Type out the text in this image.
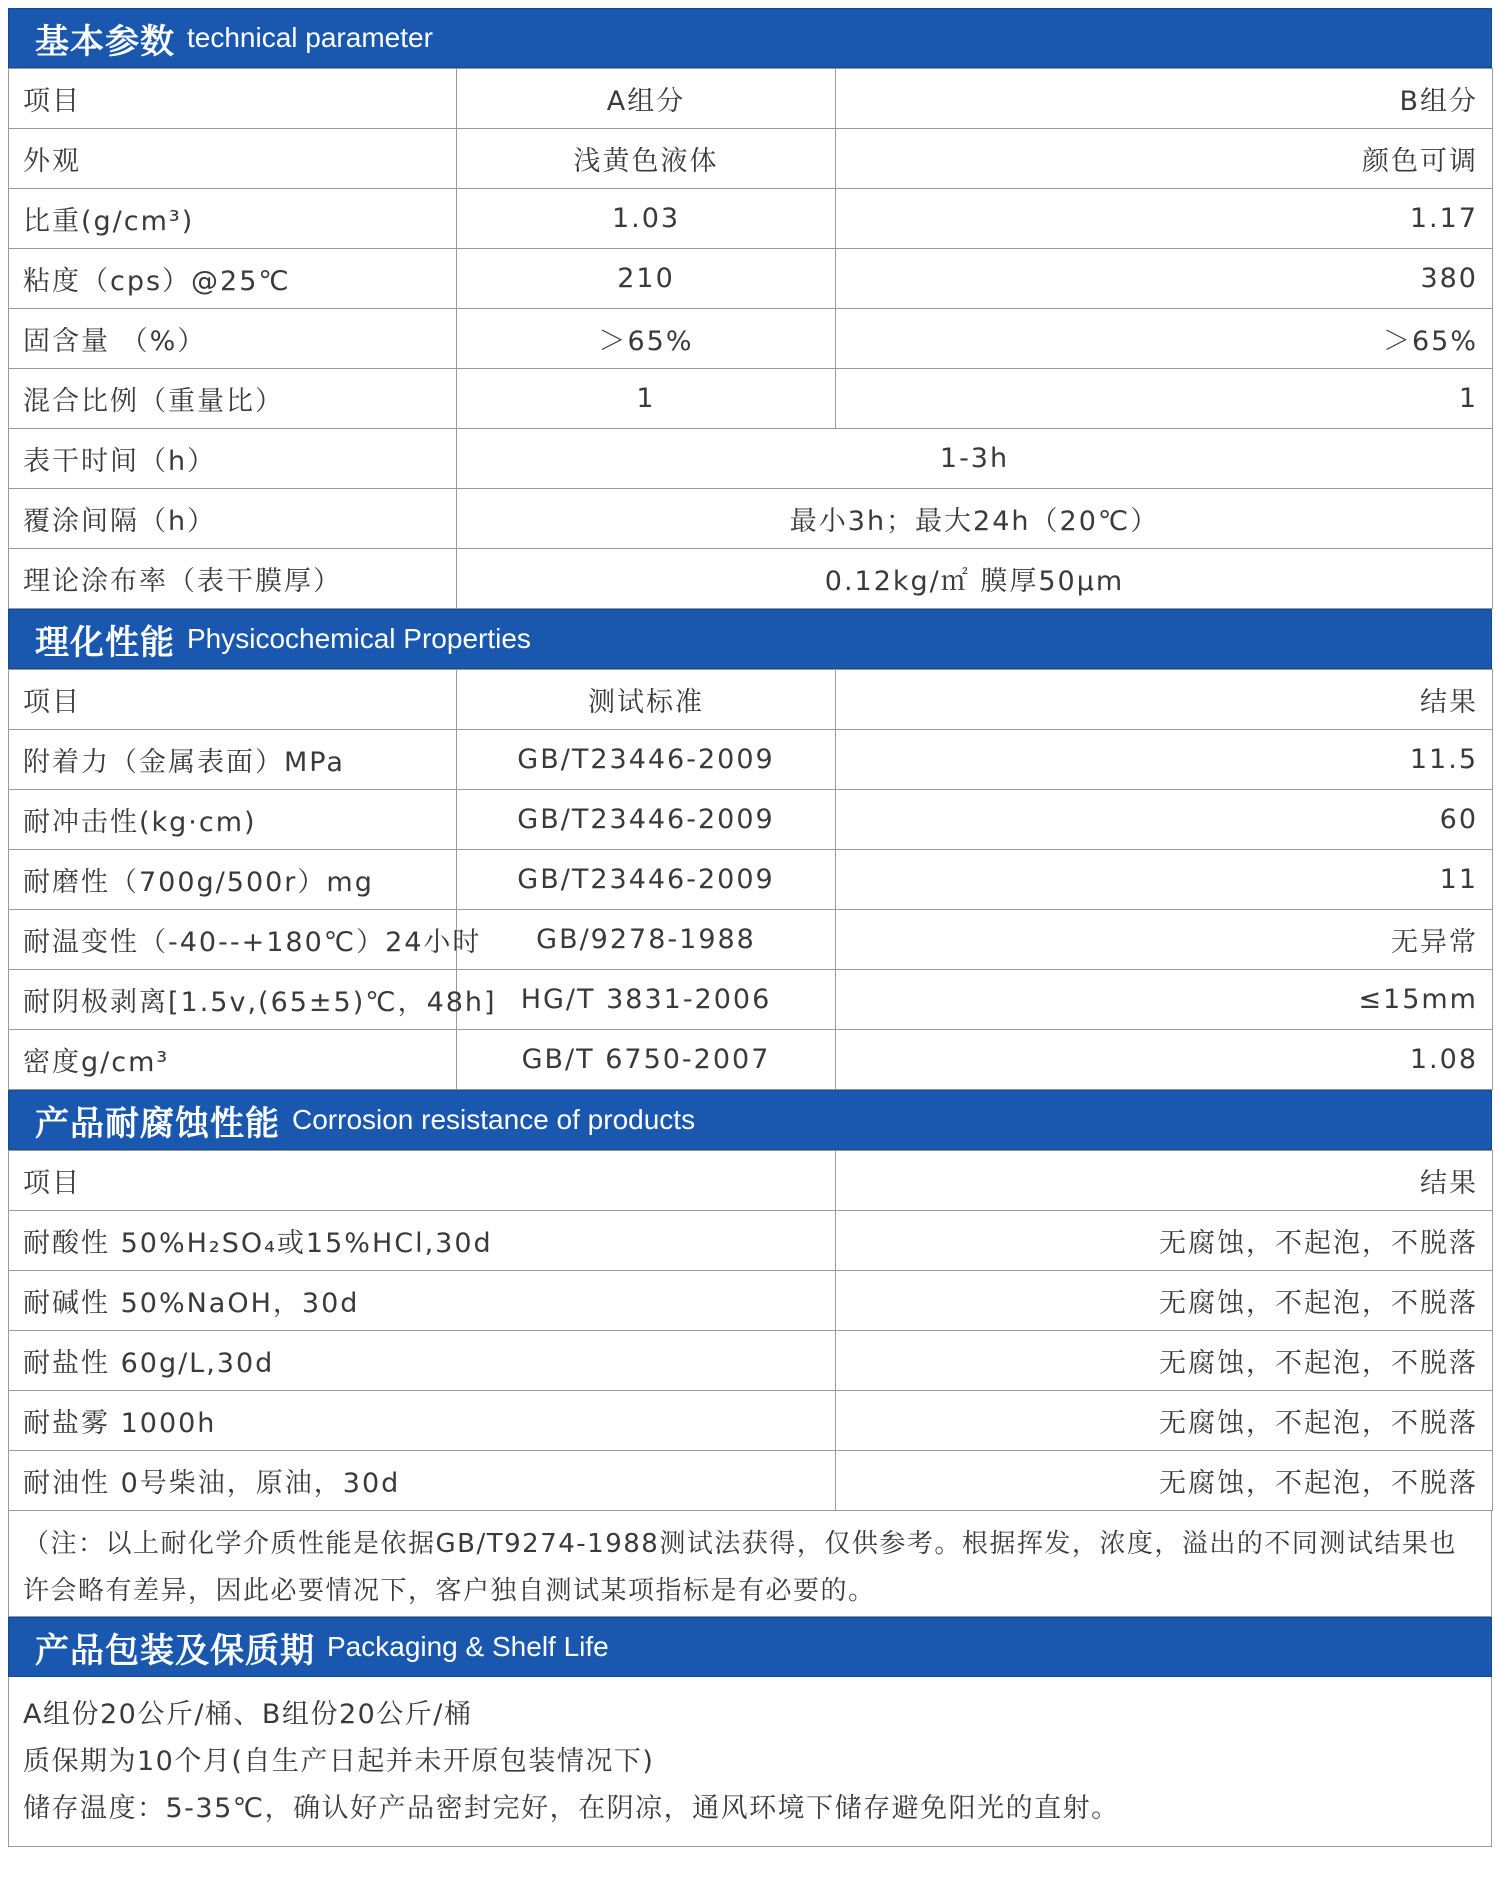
基本参数 technical parameter
项目	A组分	B组分
外观	浅黄色液体	颜色可调
比重(g/cm³)	1.03	1.17
粘度（cps）@25℃	210	380
固含量 （%）	＞65%	＞65%
混合比例（重量比）	1	1
表干时间（h）	1-3h	
覆涂间隔（h）	最小3h；最大24h（20℃）	
理论涂布率（表干膜厚）	0.12kg/㎡ 膜厚50μm	
理化性能 Physicochemical Properties
项目	测试标准	结果
附着力（金属表面）MPa	GB/T23446-2009	11.5
耐冲击性(kg·cm)	GB/T23446-2009	60
耐磨性（700g/500r）mg	GB/T23446-2009	11
耐温变性（-40--+180℃）24小时	GB/9278-1988	无异常
耐阴极剥离[1.5v,(65±5)℃，48h]	HG/T 3831-2006	≤15mm
密度g/cm³	GB/T 6750-2007	1.08
产品耐腐蚀性能 Corrosion resistance of products
项目	结果
耐酸性 50%H₂SO₄或15%HCl,30d	无腐蚀，不起泡，不脱落
耐碱性 50%NaOH，30d	无腐蚀，不起泡，不脱落
耐盐性 60g/L,30d	无腐蚀，不起泡，不脱落
耐盐雾 1000h	无腐蚀，不起泡，不脱落
耐油性 0号柴油，原油，30d	无腐蚀，不起泡，不脱落
（注：以上耐化学介质性能是依据GB/T9274-1988测试法获得，仅供参考。根据挥发，浓度，溢出的不同测试结果也许会略有差异，因此必要情况下，客户独自测试某项指标是有必要的。
产品包装及保质期 Packaging & Shelf Life
A组份20公斤/桶、B组份20公斤/桶
质保期为10个月(自生产日起并未开原包装情况下)
储存温度：5-35℃，确认好产品密封完好，在阴凉，通风环境下储存避免阳光的直射。
